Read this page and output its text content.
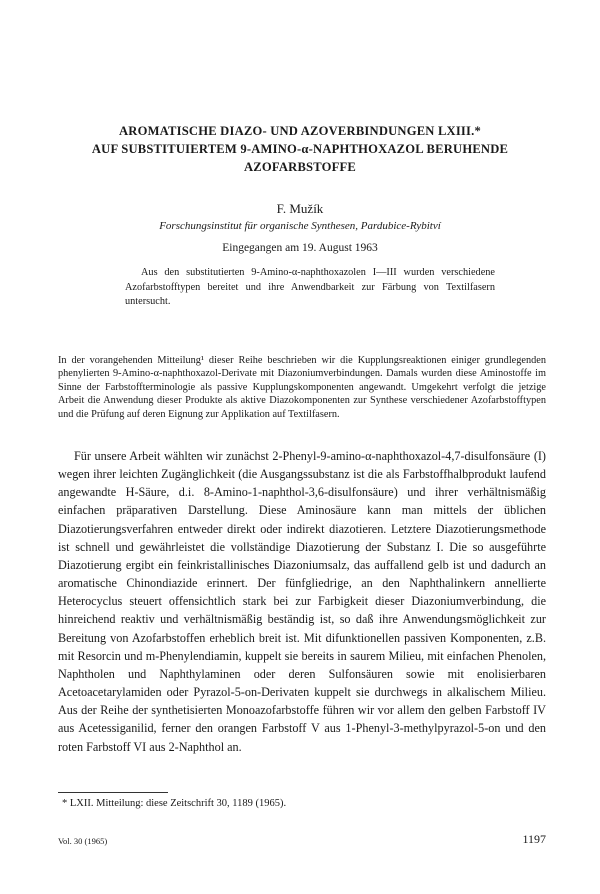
AROMATISCHE DIAZO- UND AZOVERBINDUNGEN LXIII.*
AUF SUBSTITUIERTEM 9-AMINO-α-NAPHTHOXAZOL BERUHENDE
AZOFARBSTOFFE
F. Mužík
Forschungsinstitut für organische Synthesen, Pardubice-Rybitví
Eingegangen am 19. August 1963

Aus den substitutierten 9-Amino-α-naphthoxazolen I—III wurden verschiedene Azofarbstofftypen bereitet und ihre Anwendbarkeit zur Färbung von Textilfasern untersucht.

In der vorangehenden Mitteilung¹ dieser Reihe beschrieben wir die Kupplungsreaktionen einiger grundlegenden phenylierten 9-Amino-α-naphthoxazol-Derivate mit Diazoniumverbindungen. Damals wurden diese Aminostoffe im Sinne der Farbstoffterminologie als passive Kupplungskomponenten angewandt. Umgekehrt verfolgt die jetzige Arbeit die Anwendung dieser Produkte als aktive Diazokomponenten zur Synthese verschiedener Azofarbstofftypen und die Prüfung auf deren Eignung zur Applikation auf Textilfasern.

Für unsere Arbeit wählten wir zunächst 2-Phenyl-9-amino-α-naphthoxazol-4,7-disulfonsäure (I) wegen ihrer leichten Zugänglichkeit (die Ausgangssubstanz ist die als Farbstoffhalbprodukt laufend angewandte H-Säure, d.i. 8-Amino-1-naphthol-3,6-disulfonsäure) und ihrer verhältnismäßig einfachen präparativen Darstellung. Diese Aminosäure kann man mittels der üblichen Diazotierungsverfahren entweder direkt oder indirekt diazotieren. Letztere Diazotierungsmethode ist schnell und gewährleistet die vollständige Diazotierung der Substanz I. Die so ausgeführte Diazotierung ergibt ein feinkristallinisches Diazoniumsalz, das auffallend gelb ist und dadurch an aromatische Chinondiazide erinnert. Der fünfgliedrige, an den Naphthalinkern annellierte Heterocyclus steuert offensichtlich stark bei zur Farbigkeit dieser Diazoniumverbindung, die hinreichend reaktiv und verhältnismäßig beständig ist, so daß ihre Anwendungsmöglichkeit zur Bereitung von Azofarbstoffen erheblich breit ist. Mit difunktionellen passiven Komponenten, z.B. mit Resorcin und m-Phenylendiamin, kuppelt sie bereits in saurem Milieu, mit einfachen Phenolen, Naphtholen und Naphthylaminen oder deren Sulfonsäuren sowie mit enolisierbaren Acetoacetarylamiden oder Pyrazol-5-on-Derivaten kuppelt sie durchwegs in alkalischem Milieu. Aus der Reihe der synthetisierten Monoazofarbstoffe führen wir vor allem den gelben Farbstoff IV aus Acetessiganilid, ferner den orangen Farbstoff V aus 1-Phenyl-3-methylpyrazol-5-on und den roten Farbstoff VI aus 2-Naphthol an.

* LXII. Mitteilung: diese Zeitschrift 30, 1189 (1965).
Vol. 30 (1965)	1197
